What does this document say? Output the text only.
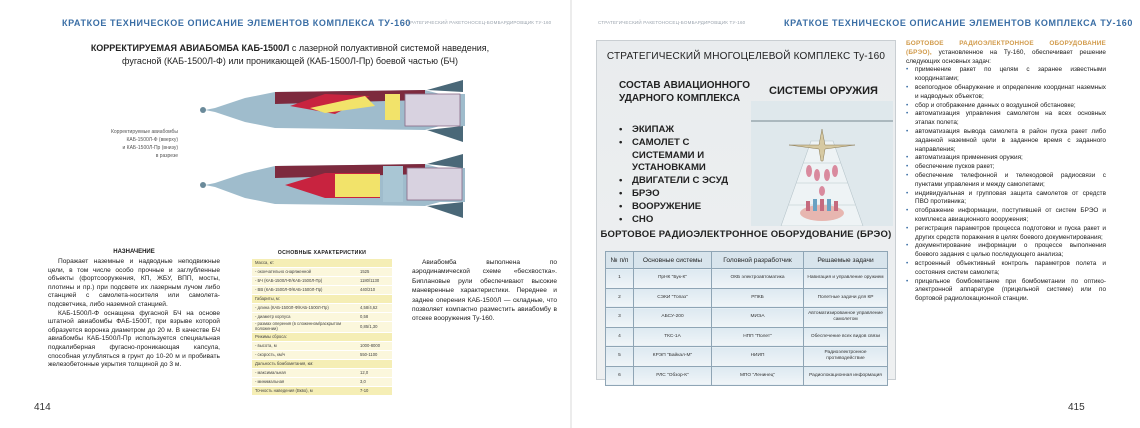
КРАТКОЕ ТЕХНИЧЕСКОЕ ОПИСАНИЕ ЭЛЕМЕНТОВ КОМПЛЕКСА ТУ-160
СТРАТЕГИЧЕСКИЙ РАКЕТОНОСЕЦ-БОМБАРДИРОВЩИК ТУ-160
КОРРЕКТИРУЕМАЯ АВИАБОМБА КАБ-1500Л с лазерной полуактивной системой наведения, фугасной (КАБ-1500Л-Ф) или проникающей (КАБ-1500Л-Пр) боевой частью (БЧ)
Корректируемые авиабомбы
КАБ-1500Л-Ф (вверху)
и КАБ-1500Л-Пр (внизу)
в разрезе
НАЗНАЧЕНИЕ

Поражает наземные и надводные неподвижные цели, в том числе особо прочные и заглубленные объекты (фортсооружения, КП, ЖБУ, ВПП, мосты, плотины и пр.) при подсвете их лазерным лучом либо станцией с самолета-носителя или самолета-подсветчика, либо наземной станцией.

КАБ-1500Л-Ф оснащена фугасной БЧ на основе штатной авиабомбы ФАБ-1500Т, при взрыве которой образуется воронка диаметром до 20 м. В качестве БЧ авиабомбы КАБ-1500Л-Пр используется специальная подкалиберная фугасно-проникающая капсула, способная углубляться в грунт до 10-20 м и пробивать железобетонные укрытия толщиной до 3 м.

ОСНОВНЫЕ ХАРАКТЕРИСТИКИ
Масса, кг:
- окончательно снаряженной	1525
- БЧ (КАБ-1500Л-Ф/КАБ-1500Л-Пр)	1180/1130
- ВВ (КАБ-1500Л-Ф/КАБ-1500Л-Пр)	440/210
Габариты, м:
- длина (КАБ-1500Л-Ф/КАБ-1500Л-Пр)	4,58/4,62
- диаметр корпуса	0,58
- размах оперения (в сложенном/раскрытом положении)	0,85/1,30
Режимы сброса:
- высота, м	1000-8000
- скорость, км/ч	550-1100
Дальность бомбометания, км:
- максимальная	12,0
- минимальная	3,0
Точность наведения (Вкво), м	7-10

Авиабомба выполнена по аэродинамической схеме «бесхвостка». Биплановые рули обеспечивают высокие маневренные характеристики. Переднее и заднее оперения КАБ-1500Л — складные, что позволяет компактно разместить авиабомбу в отсеке вооружения Ту-160.

414
СТРАТЕГИЧЕСКИЙ РАКЕТОНОСЕЦ-БОМБАРДИРОВЩИК ТУ-160	КРАТКОЕ ТЕХНИЧЕСКОЕ ОПИСАНИЕ ЭЛЕМЕНТОВ КОМПЛЕКСА ТУ-160
СТРАТЕГИЧЕСКИЙ МНОГОЦЕЛЕВОЙ КОМПЛЕКС Ту-160
СОСТАВ АВИАЦИОННОГО
УДАРНОГО КОМПЛЕКСА
СИСТЕМЫ ОРУЖИЯ
• ЭКИПАЖ
• САМОЛЕТ С СИСТЕМАМИ И УСТАНОВКАМИ
• ДВИГАТЕЛИ С ЭСУД
• БРЭО
• ВООРУЖЕНИЕ
• СНО
БОРТОВОЕ РАДИОЭЛЕКТРОННОЕ ОБОРУДОВАНИЕ (БРЭО)
№ п/п	Основные системы	Головной разработчик	Решаемые задачи
1	ПрНК "Бук-К"	ОКБ электроавтоматика	Навигация и управление оружием
2	СЭКИ "Топаз"	РПКБ	Полетные задачи для КР
3	АБСУ-200	МИЭА	Автоматизированное управление самолетом
4	ТКС-1А	НПП "Полет"	Обеспечение всех видов связи
5	КРЭП "Байкал-М"	НИИП	Радиоэлектронное противодействие
6	РЛС "Обзор-К"	МПО "Ленинец"	Радиолокационная информация

БОРТОВОЕ РАДИОЭЛЕКТРОННОЕ ОБОРУДОВАНИЕ (БРЭО), установленное на Ту-160, обеспечивает решение следующих основных задач:

• применение ракет по целям с заранее известными координатами;
• всепогодное обнаружение и определение координат наземных и надводных объектов;
• сбор и отображение данных о воздушной обстановке;
• автоматизация управления самолетом на всех основных этапах полета;
• автоматизация вывода самолета в район пуска ракет либо заданной наземной цели в заданное время с заданного направления;
• автоматизация применения оружия;
• обеспечение пусков ракет;
• обеспечение телефонной и телекодовой радиосвязи с пунктами управления и между самолетами;
• индивидуальная и групповая защита самолетов от средств ПВО противника;
• отображение информации, поступившей от систем БРЭО и комплекса авиационного вооружения;
• регистрация параметров процесса подготовки и пуска ракет и других средств поражения в целях боевого документирования;
• документирование информации о процессе выполнения боевого задания с целью последующего анализа;
• встроенный объективный контроль параметров полета и состояния систем самолета;
• прицельное бомбометание при бомбометании по оптико-электронной аппаратуре (прицельной системе) или по бортовой радиолокационной станции.
415
